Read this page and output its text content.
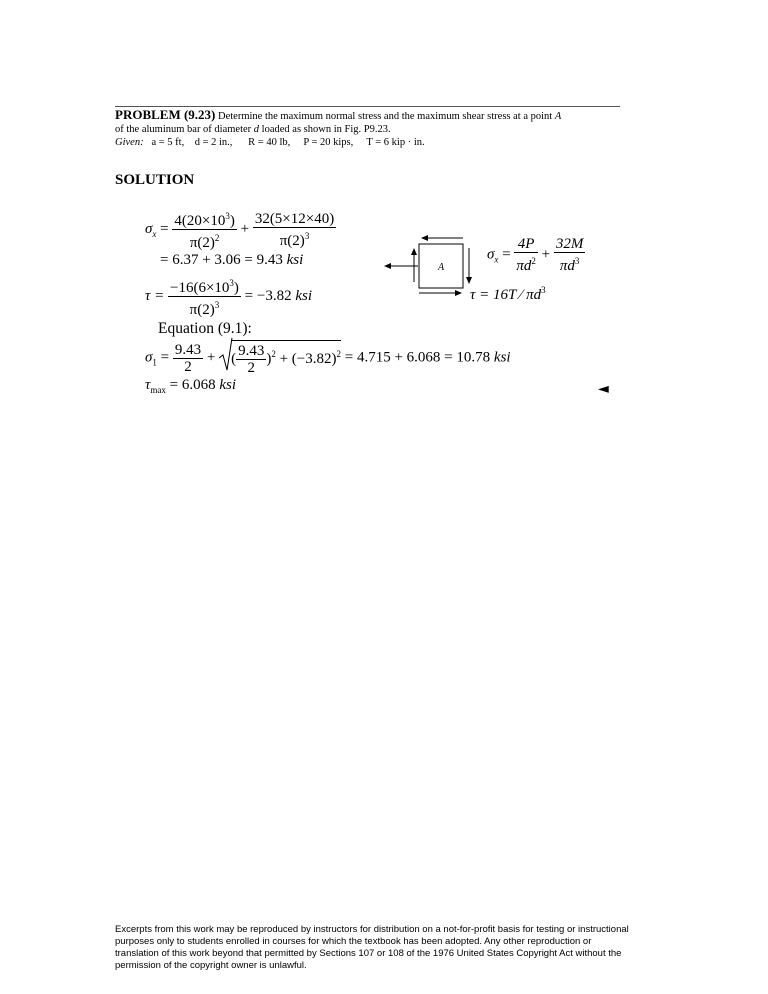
PROBLEM (9.23) Determine the maximum normal stress and the maximum shear stress at a point A
of the aluminum bar of diameter d loaded as shown in Fig. P9.23.
Given: a = 5 ft, d = 2 in., R = 40 lb, P = 20 kips, T = 6 kip · in.
SOLUTION
$\sigma_x = \frac{4(20\times 10^3)}{\pi(2)^2} + \frac{32(5\times 12\times 40)}{\pi(2)^3}$
= 6.37 + 3.06 = 9.43 ksi
$\tau = \frac{-16(6\times 10^3)}{\pi(2)^3} = -3.82$ ksi
Equation (9.1):
$\sigma_1 = \frac{9.43}{2}$ + ( $\frac{9.43}{2} )^2 + (-3.82)^2 = 4.715 + 6.068 = 10.78$ ksi
$\tau_{max} = 6.068$ ksi	◄
A
$\sigma_x = \frac{4P}{\pi d^2} + \frac{32M}{\pi d^3}$
τ = 16T ⁄ $\pi d^3$
Excerpts from this work may be reproduced by instructors for distribution on a not-for-profit basis for testing or instructional purposes only to students enrolled in courses for which the textbook has been adopted. Any other reproduction or translation of this work beyond that permitted by Sections 107 or 108 of the 1976 United States Copyright Act without the permission of the copyright owner is unlawful.
